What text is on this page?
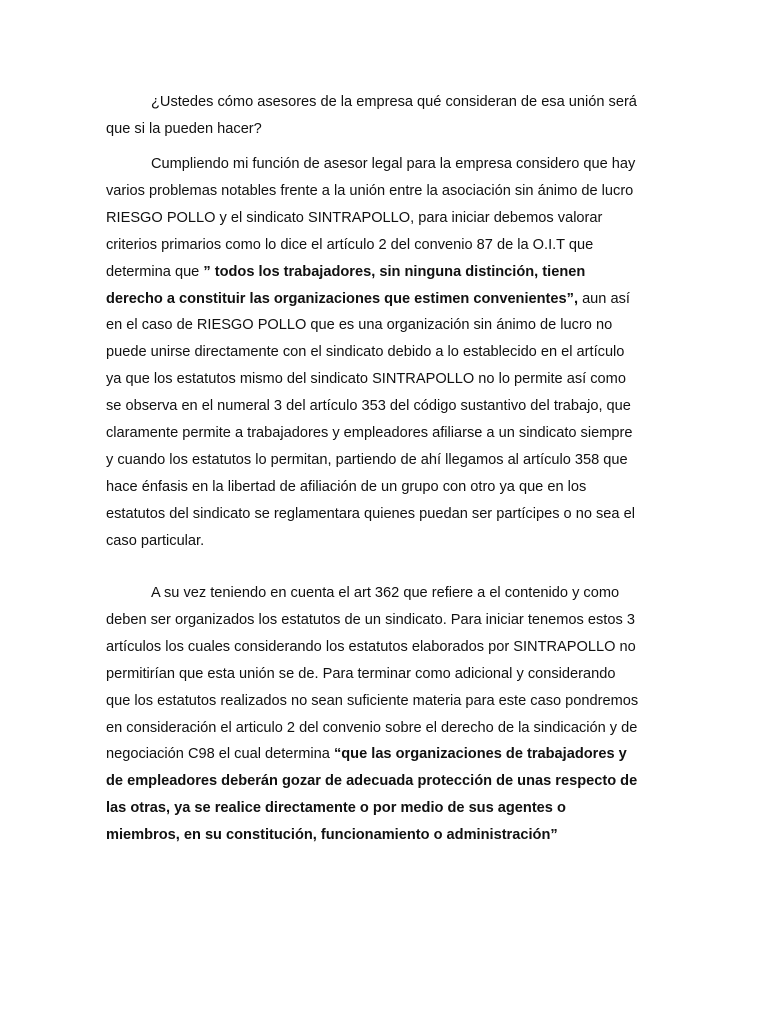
¿Ustedes cómo asesores de la empresa qué consideran de esa unión será
que si la pueden hacer?

Cumpliendo mi función de asesor legal para la empresa considero que hay
varios problemas notables frente a la unión entre la asociación sin ánimo de lucro
RIESGO POLLO y el sindicato SINTRAPOLLO, para iniciar debemos valorar
criterios primarios como lo dice el artículo 2 del convenio 87 de la O.I.T que
determina que ” todos los trabajadores, sin ninguna distinción, tienen
derecho a constituir las organizaciones que estimen convenientes”, aun así
en el caso de RIESGO POLLO que es una organización sin ánimo de lucro no
puede unirse directamente con el sindicato debido a lo establecido en el artículo
ya que los estatutos mismo del sindicato SINTRAPOLLO no lo permite así como
se observa en el numeral 3 del artículo 353 del código sustantivo del trabajo, que
claramente permite a trabajadores y empleadores afiliarse a un sindicato siempre
y cuando los estatutos lo permitan, partiendo de ahí llegamos al artículo 358 que
hace énfasis en la libertad de afiliación de un grupo con otro ya que en los
estatutos del sindicato se reglamentara quienes puedan ser partícipes o no sea el
caso particular.

A su vez teniendo en cuenta el art 362 que refiere a el contenido y como
deben ser organizados los estatutos de un sindicato. Para iniciar tenemos estos 3
artículos los cuales considerando los estatutos elaborados por SINTRAPOLLO no
permitirían que esta unión se de. Para terminar como adicional y considerando
que los estatutos realizados no sean suficiente materia para este caso pondremos
en consideración el articulo 2 del convenio sobre el derecho de la sindicación y de
negociación C98 el cual determina “que las organizaciones de trabajadores y
de empleadores deberán gozar de adecuada protección de unas respecto de
las otras, ya se realice directamente o por medio de sus agentes o
miembros, en su constitución, funcionamiento o administración”
